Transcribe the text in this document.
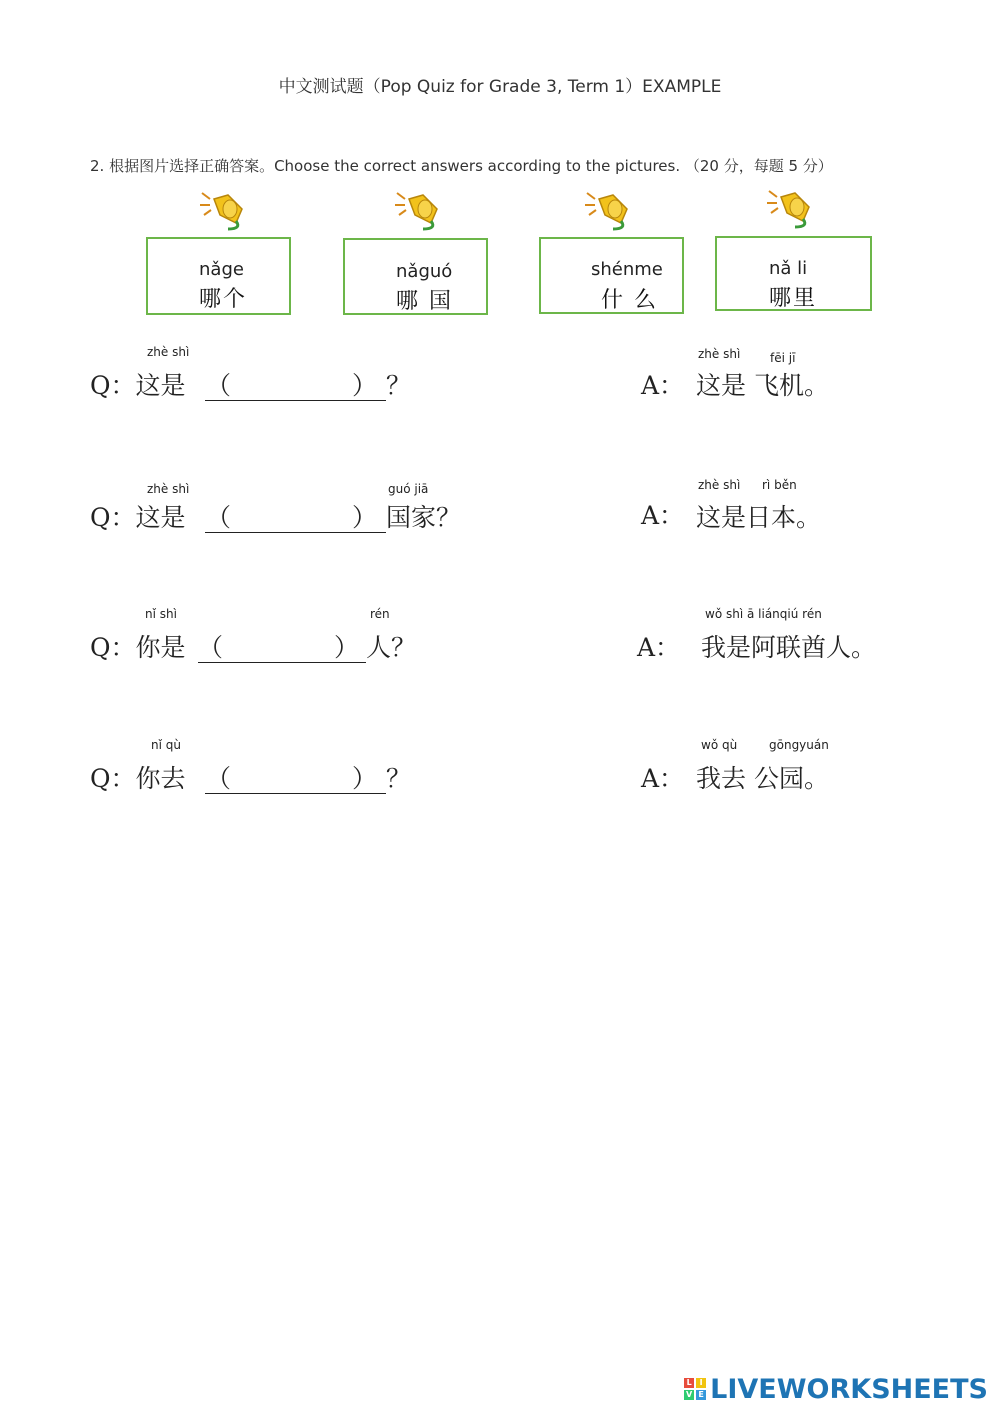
中文测试题（Pop Quiz for Grade 3, Term 1）EXAMPLE
2. 根据图片选择正确答案。Choose the correct answers according to the pictures. （20 分，每题 5 分）
nǎge
哪个
nǎguó
哪 国
shénme
什 么
nǎ li
哪里
zhè shì
Q：这是 （	） ？
zhè shì fēi jī
A： 这是 飞机。
zhè shì	guó jiā
Q：这是 （	） 国家？
zhè shì rì běn
A： 这是日本。
nǐ shì	rén
Q：你是 （	） 人？
wǒ shì ā liánqiú rén
A： 我是阿联酋人。
nǐ qù
Q：你去 （	） ？
wǒ qù	gōngyuán
A： 我去 公园。
L I
V E LIVEWORKSHEETS
